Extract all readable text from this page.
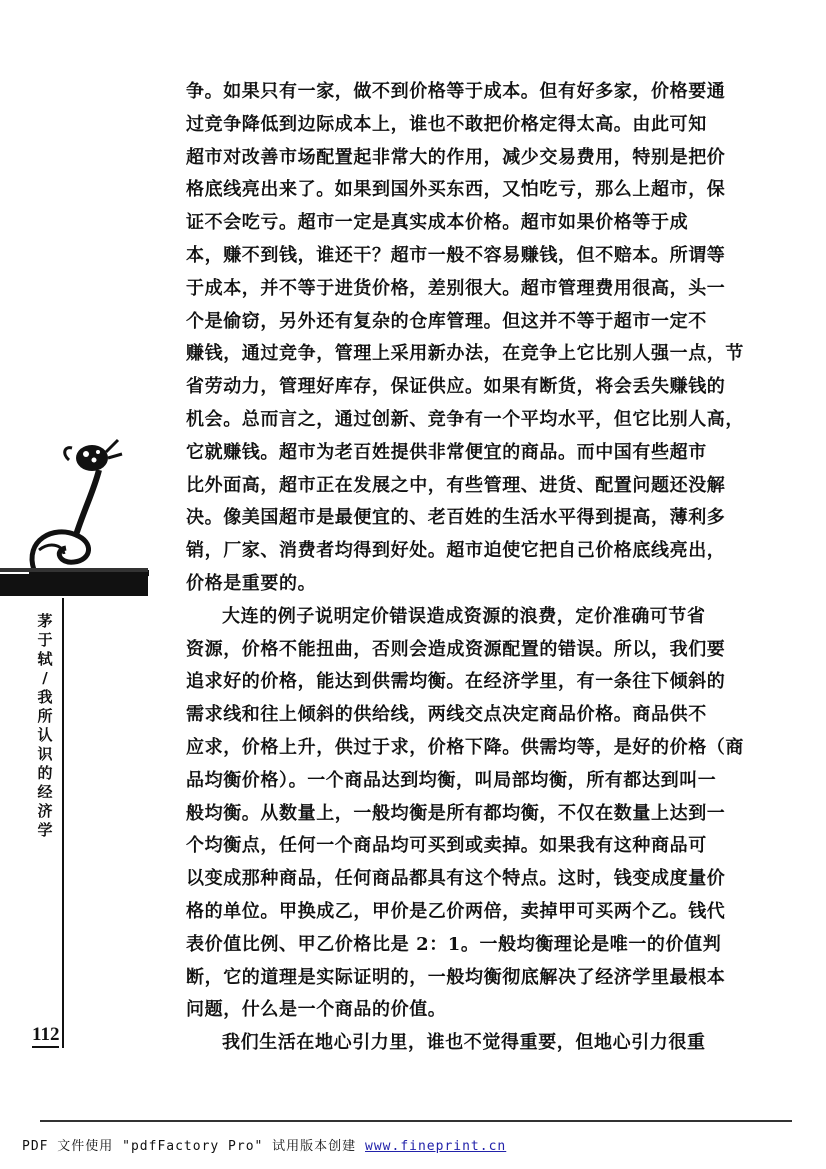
茅
于
轼
/
我
所
认
识
的
经
济
学
112
争。如果只有一家，做不到价格等于成本。但有好多家，价格要通
过竞争降低到边际成本上，谁也不敢把价格定得太高。由此可知
超市对改善市场配置起非常大的作用，减少交易费用，特别是把价
格底线亮出来了。如果到国外买东西，又怕吃亏，那么上超市，保
证不会吃亏。超市一定是真实成本价格。超市如果价格等于成
本，赚不到钱，谁还干？超市一般不容易赚钱，但不赔本。所谓等
于成本，并不等于进货价格，差别很大。超市管理费用很高，头一
个是偷窃，另外还有复杂的仓库管理。但这并不等于超市一定不
赚钱，通过竞争，管理上采用新办法，在竞争上它比别人强一点，节
省劳动力，管理好库存，保证供应。如果有断货，将会丢失赚钱的
机会。总而言之，通过创新、竞争有一个平均水平，但它比别人高，
它就赚钱。超市为老百姓提供非常便宜的商品。而中国有些超市
比外面高，超市正在发展之中，有些管理、进货、配置问题还没解
决。像美国超市是最便宜的、老百姓的生活水平得到提高，薄利多
销，厂家、消费者均得到好处。超市迫使它把自己价格底线亮出，
价格是重要的。
大连的例子说明定价错误造成资源的浪费，定价准确可节省
资源，价格不能扭曲，否则会造成资源配置的错误。所以，我们要
追求好的价格，能达到供需均衡。在经济学里，有一条往下倾斜的
需求线和往上倾斜的供给线，两线交点决定商品价格。商品供不
应求，价格上升，供过于求，价格下降。供需均等，是好的价格（商
品均衡价格）。一个商品达到均衡，叫局部均衡，所有都达到叫一
般均衡。从数量上，一般均衡是所有都均衡，不仅在数量上达到一
个均衡点，任何一个商品均可买到或卖掉。如果我有这种商品可
以变成那种商品，任何商品都具有这个特点。这时，钱变成度量价
格的单位。甲换成乙，甲价是乙价两倍，卖掉甲可买两个乙。钱代
表价值比例、甲乙价格比是 2：1。一般均衡理论是唯一的价值判
断，它的道理是实际证明的，一般均衡彻底解决了经济学里最根本
问题，什么是一个商品的价值。
我们生活在地心引力里，谁也不觉得重要，但地心引力很重
PDF 文件使用 "pdfFactory Pro" 试用版本创建 www.fineprint.cn
